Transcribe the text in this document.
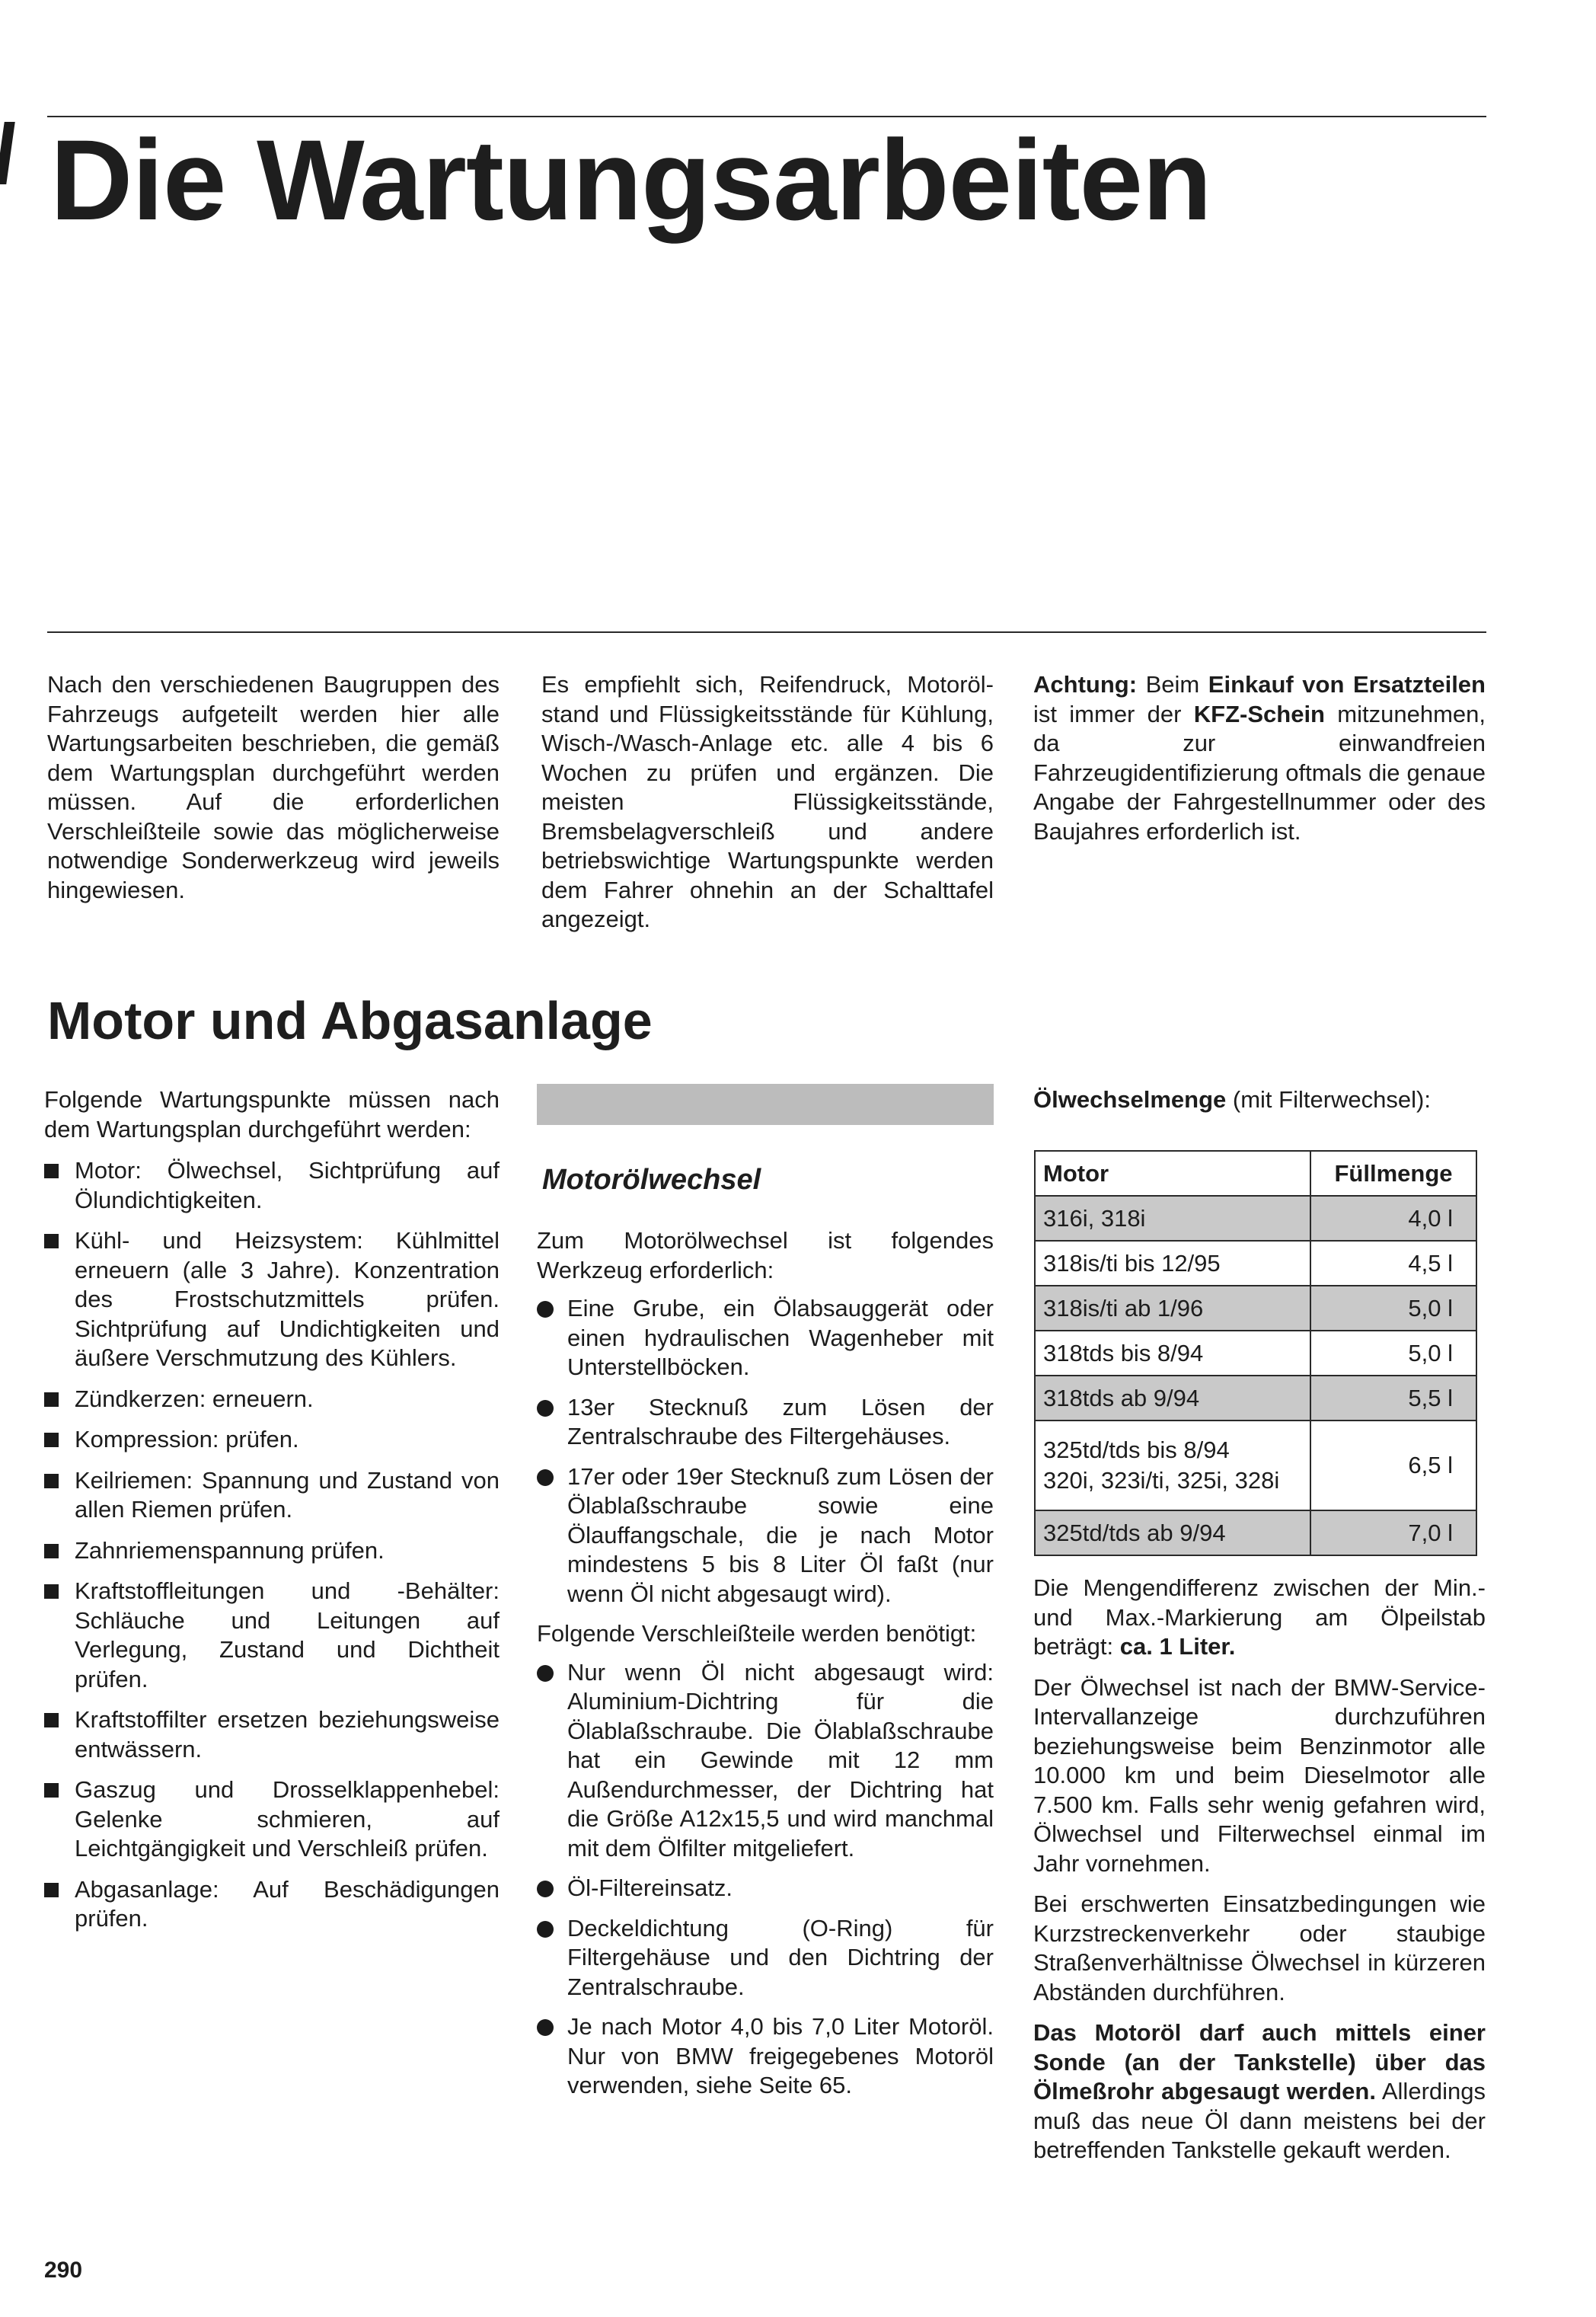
Die Wartungsarbeiten

Nach den verschiedenen Baugruppen des Fahrzeugs aufgeteilt werden hier alle Wartungsarbeiten beschrieben, die gemäß dem Wartungsplan durchgeführt werden müssen. Auf die erforderlichen Verschleißteile sowie das möglicherweise notwendige Sonderwerkzeug wird jeweils hingewiesen.

Es empfiehlt sich, Reifendruck, Motoröl-stand und Flüssigkeitsstände für Kühlung, Wisch-/Wasch-Anlage etc. alle 4 bis 6 Wochen zu prüfen und ergänzen. Die meisten Flüssigkeitsstände, Bremsbelagverschleiß und andere betriebswichtige Wartungspunkte werden dem Fahrer ohnehin an der Schalttafel angezeigt.

Achtung: Beim Einkauf von Ersatzteilen ist immer der KFZ-Schein mitzunehmen, da zur einwandfreien Fahrzeugidentifizierung oftmals die genaue Angabe der Fahrgestellnummer oder des Baujahres erforderlich ist.

Motor und Abgasanlage

Folgende Wartungspunkte müssen nach dem Wartungsplan durchgeführt werden:

Motor: Ölwechsel, Sichtprüfung auf Ölundichtigkeiten.
Kühl- und Heizsystem: Kühlmittel erneuern (alle 3 Jahre). Konzentration des Frostschutzmittels prüfen. Sichtprüfung auf Undichtigkeiten und äußere Verschmutzung des Kühlers.
Zündkerzen: erneuern.
Kompression: prüfen.
Keilriemen: Spannung und Zustand von allen Riemen prüfen.
Zahnriemenspannung prüfen.
Kraftstoffleitungen und -Behälter: Schläuche und Leitungen auf Verlegung, Zustand und Dichtheit prüfen.
Kraftstoffilter ersetzen beziehungsweise entwässern.
Gaszug und Drosselklappenhebel: Gelenke schmieren, auf Leichtgängigkeit und Verschleiß prüfen.
Abgasanlage: Auf Beschädigungen prüfen.
Motorölwechsel

Zum Motorölwechsel ist folgendes Werkzeug erforderlich:

Eine Grube, ein Ölabsauggerät oder einen hydraulischen Wagenheber mit Unterstellböcken.
13er Stecknuß zum Lösen der Zentralschraube des Filtergehäuses.
17er oder 19er Stecknuß zum Lösen der Ölablaßschraube sowie eine Ölauffangschale, die je nach Motor mindestens 5 bis 8 Liter Öl faßt (nur wenn Öl nicht abgesaugt wird).

Folgende Verschleißteile werden benötigt:

Nur wenn Öl nicht abgesaugt wird: Aluminium-Dichtring für die Ölablaßschraube. Die Ölablaßschraube hat ein Gewinde mit 12 mm Außendurchmesser, der Dichtring hat die Größe A12x15,5 und wird manchmal mit dem Ölfilter mitgeliefert.
Öl-Filtereinsatz.
Deckeldichtung (O-Ring) für Filtergehäuse und den Dichtring der Zentralschraube.
Je nach Motor 4,0 bis 7,0 Liter Motoröl. Nur von BMW freigegebenes Motoröl verwenden, siehe Seite 65.

Ölwechselmenge (mit Filterwechsel):

Motor	Füllmenge
316i, 318i	4,0 l
318is/ti bis 12/95	4,5 l
318is/ti ab 1/96	5,0 l
318tds bis 8/94	5,0 l
318tds ab 9/94	5,5 l
325td/tds bis 8/94
320i, 323i/ti, 325i, 328i	6,5 l
325td/tds ab 9/94	7,0 l

Die Mengendifferenz zwischen der Min.- und Max.-Markierung am Ölpeilstab beträgt: ca. 1 Liter.

Der Ölwechsel ist nach der BMW-Service-Intervallanzeige durchzuführen beziehungsweise beim Benzinmotor alle 10.000 km und beim Dieselmotor alle 7.500 km. Falls sehr wenig gefahren wird, Ölwechsel und Filterwechsel einmal im Jahr vornehmen.

Bei erschwerten Einsatzbedingungen wie Kurzstreckenverkehr oder staubige Straßenverhältnisse Ölwechsel in kürzeren Abständen durchführen.

Das Motoröl darf auch mittels einer Sonde (an der Tankstelle) über das Ölmeßrohr abgesaugt werden. Allerdings muß das neue Öl dann meistens bei der betreffenden Tankstelle gekauft werden.

290
